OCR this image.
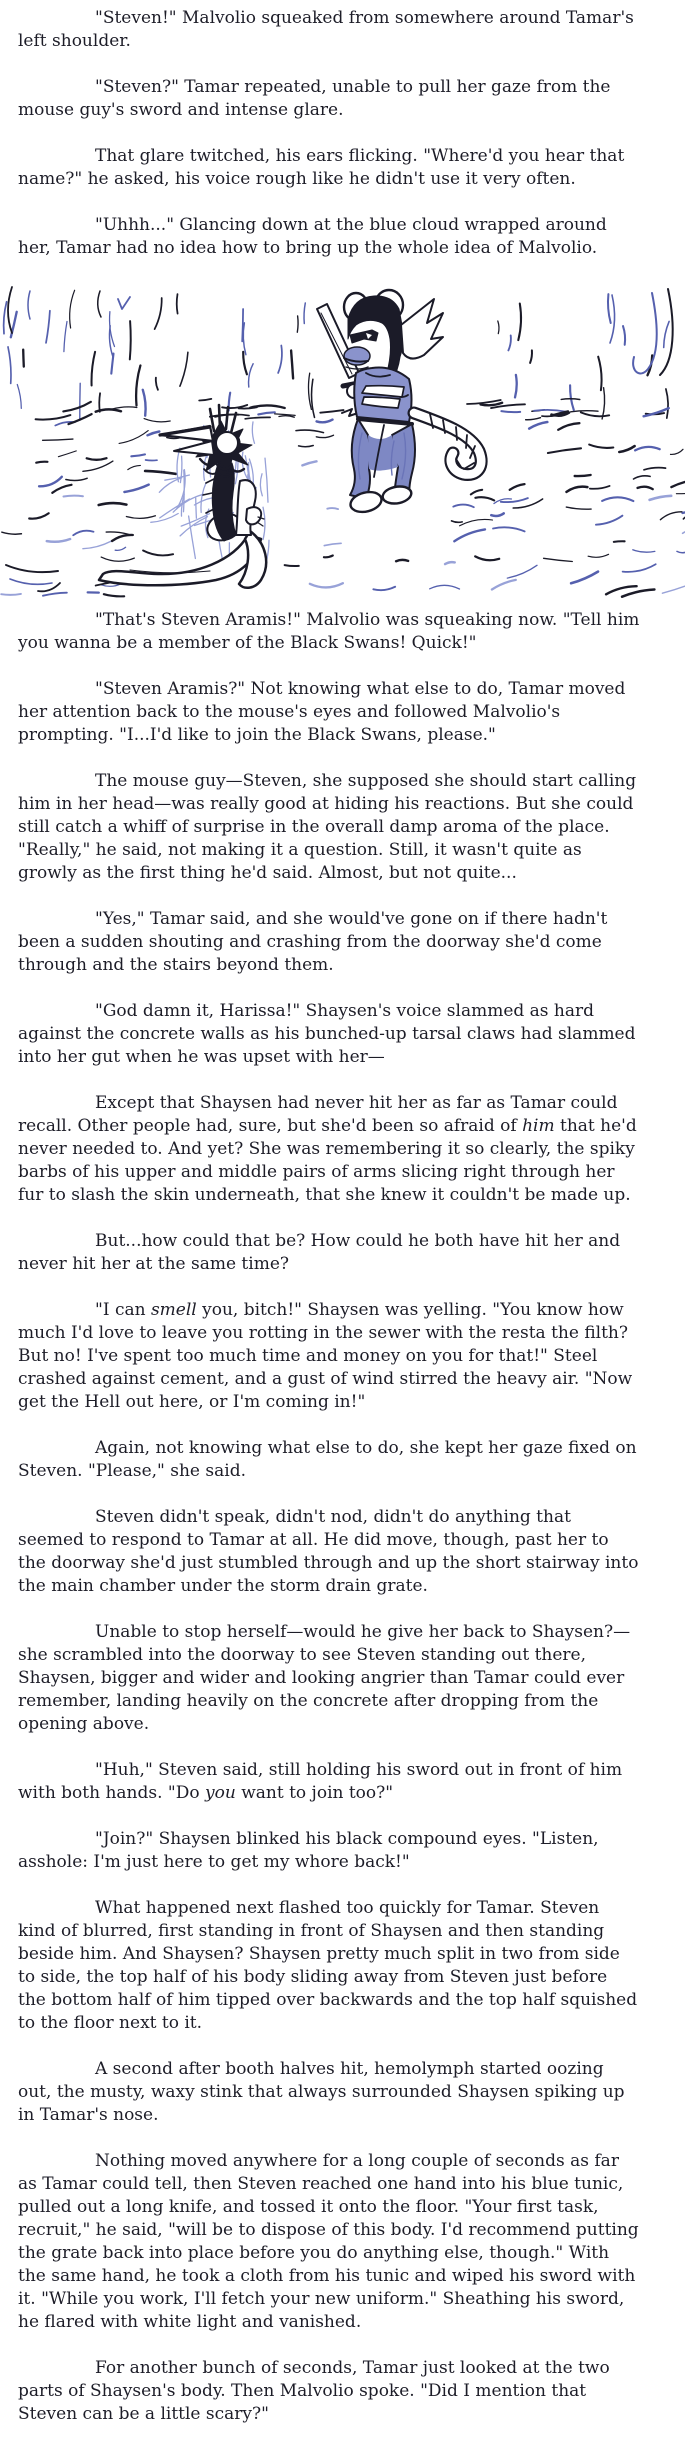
"Steven!" Malvolio squeaked from somewhere around Tamar's left shoulder.

"Steven?" Tamar repeated, unable to pull her gaze from the mouse guy's sword and intense glare.

That glare twitched, his ears flicking. "Where'd you hear that name?" he asked, his voice rough like he didn't use it very often.

"Uhhh..." Glancing down at the blue cloud wrapped around her, Tamar had no idea how to bring up the whole idea of Malvolio.

"That's Steven Aramis!" Malvolio was squeaking now. "Tell him you wanna be a member of the Black Swans! Quick!"

"Steven Aramis?" Not knowing what else to do, Tamar moved her attention back to the mouse's eyes and followed Malvolio's prompting. "I...I'd like to join the Black Swans, please."

The mouse guy—Steven, she supposed she should start calling him in her head—was really good at hiding his reactions. But she could still catch a whiff of surprise in the overall damp aroma of the place. "Really," he said, not making it a question. Still, it wasn't quite as growly as the first thing he'd said. Almost, but not quite...

"Yes," Tamar said, and she would've gone on if there hadn't been a sudden shouting and crashing from the doorway she'd come through and the stairs beyond them.

"God damn it, Harissa!" Shaysen's voice slammed as hard against the concrete walls as his bunched-up tarsal claws had slammed into her gut when he was upset with her—

Except that Shaysen had never hit her as far as Tamar could recall. Other people had, sure, but she'd been so afraid of him that he'd never needed to. And yet? She was remembering it so clearly, the spiky barbs of his upper and middle pairs of arms slicing right through her fur to slash the skin underneath, that she knew it couldn't be made up.

But...how could that be? How could he both have hit her and never hit her at the same time?

"I can smell you, bitch!" Shaysen was yelling. "You know how much I'd love to leave you rotting in the sewer with the resta the filth? But no! I've spent too much time and money on you for that!" Steel crashed against cement, and a gust of wind stirred the heavy air. "Now get the Hell out here, or I'm coming in!"

Again, not knowing what else to do, she kept her gaze fixed on Steven. "Please," she said.

Steven didn't speak, didn't nod, didn't do anything that seemed to respond to Tamar at all. He did move, though, past her to the doorway she'd just stumbled through and up the short stairway into the main chamber under the storm drain grate.

Unable to stop herself—would he give her back to Shaysen?—she scrambled into the doorway to see Steven standing out there, Shaysen, bigger and wider and looking angrier than Tamar could ever remember, landing heavily on the concrete after dropping from the opening above.

"Huh," Steven said, still holding his sword out in front of him with both hands. "Do you want to join too?"

"Join?" Shaysen blinked his black compound eyes. "Listen, asshole: I'm just here to get my whore back!"

What happened next flashed too quickly for Tamar. Steven kind of blurred, first standing in front of Shaysen and then standing beside him. And Shaysen? Shaysen pretty much split in two from side to side, the top half of his body sliding away from Steven just before the bottom half of him tipped over backwards and the top half squished to the floor next to it.

A second after booth halves hit, hemolymph started oozing out, the musty, waxy stink that always surrounded Shaysen spiking up in Tamar's nose.

Nothing moved anywhere for a long couple of seconds as far as Tamar could tell, then Steven reached one hand into his blue tunic, pulled out a long knife, and tossed it onto the floor. "Your first task, recruit," he said, "will be to dispose of this body. I'd recommend putting the grate back into place before you do anything else, though." With the same hand, he took a cloth from his tunic and wiped his sword with it. "While you work, I'll fetch your new uniform." Sheathing his sword, he flared with white light and vanished.

For another bunch of seconds, Tamar just looked at the two parts of Shaysen's body. Then Malvolio spoke. "Did I mention that Steven can be a little scary?"
